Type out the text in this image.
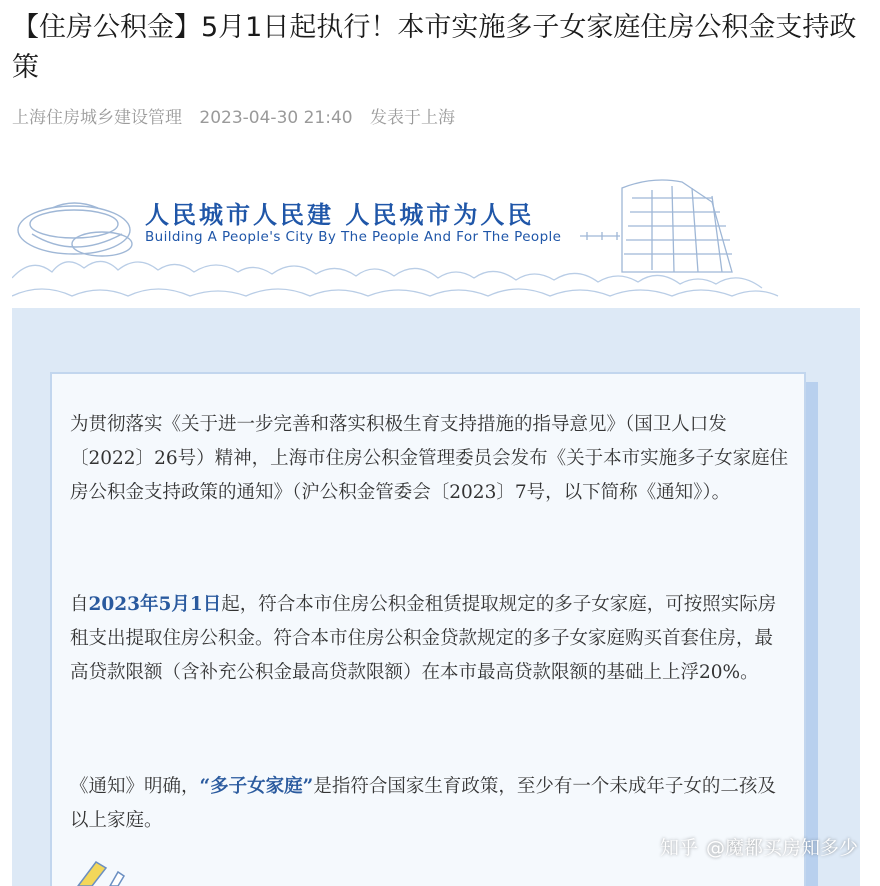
【住房公积金】5月1日起执行！本市实施多子女家庭住房公积金支持政策
上海住房城乡建设管理 2023-04-30 21:40 发表于上海
人民城市人民建 人民城市为人民
Building A People's City By The People And For The People
为贯彻落实《关于进一步完善和落实积极生育支持措施的指导意见》（国卫人口发〔2022〕26号）精神，上海市住房公积金管理委员会发布《关于本市实施多子女家庭住房公积金支持政策的通知》（沪公积金管委会〔2023〕7号，以下简称《通知》）。
自2023年5月1日起，符合本市住房公积金租赁提取规定的多子女家庭，可按照实际房租支出提取住房公积金。符合本市住房公积金贷款规定的多子女家庭购买首套住房，最高贷款限额（含补充公积金最高贷款限额）在本市最高贷款限额的基础上上浮20%。
《通知》明确，“多子女家庭”是指符合国家生育政策，至少有一个未成年子女的二孩及以上家庭。
知乎 @魔都买房知多少
